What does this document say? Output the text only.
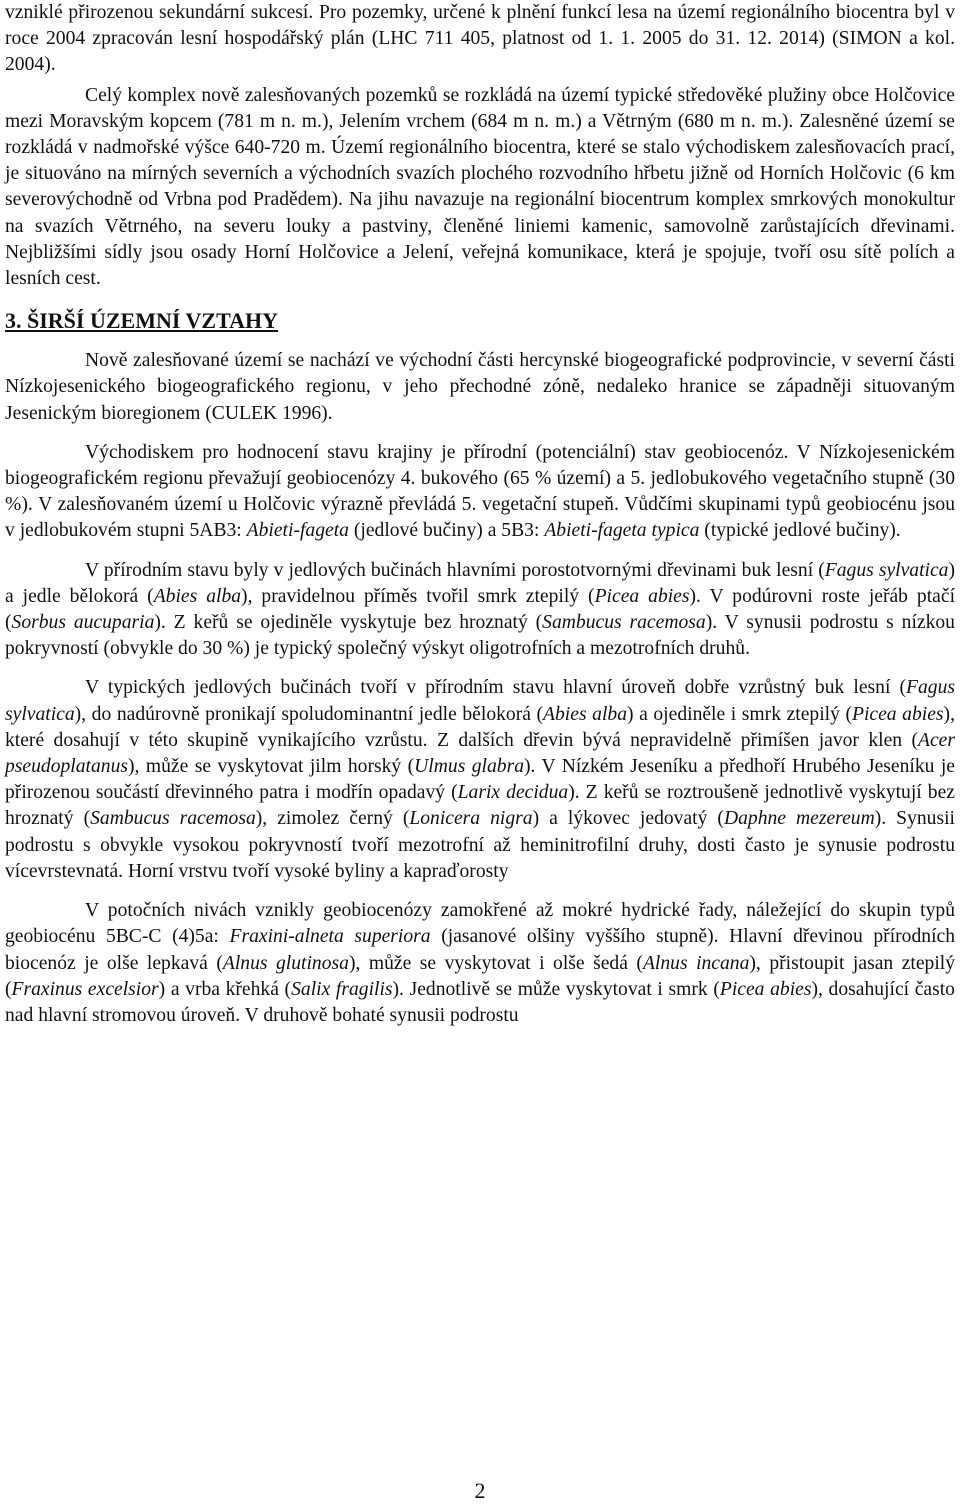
vzniklé přirozenou sekundární sukcesí. Pro pozemky, určené k plnění funkcí lesa na území regionálního biocentra byl v roce 2004 zpracován lesní hospodářský plán (LHC 711 405, platnost od 1. 1. 2005 do 31. 12. 2014) (SIMON a kol. 2004).

Celý komplex nově zalesňovaných pozemků se rozkládá na území typické středověké plužiny obce Holčovice mezi Moravským kopcem (781 m n. m.), Jelením vrchem (684 m n. m.) a Větrným (680 m n. m.). Zalesněné území se rozkládá v nadmořské výšce 640-720 m. Území regionálního biocentra, které se stalo východiskem zalesňovacích prací, je situováno na mírných severních a východních svazích plochého rozvodního hřbetu jižně od Horních Holčovic (6 km severovýchodně od Vrbna pod Pradědem). Na jihu navazuje na regionální biocentrum komplex smrkových monokultur na svazích Větrného, na severu louky a pastviny, členěné liniemi kamenic, samovolně zarůstajících dřevinami. Nejbližšími sídly jsou osady Horní Holčovice a Jelení, veřejná komunikace, která je spojuje, tvoří osu sítě polích a lesních cest.

3. ŠIRŠÍ ÚZEMNÍ VZTAHY

Nově zalesňované území se nachází ve východní části hercynské biogeografické podprovincie, v severní části Nízkojesenického biogeografického regionu, v jeho přechodné zóně, nedaleko hranice se západněji situovaným Jesenickým bioregionem (CULEK 1996).

Východiskem pro hodnocení stavu krajiny je přírodní (potenciální) stav geobiocenóz. V Nízkojesenickém biogeografickém regionu převažují geobiocenózy 4. bukového (65 % území) a 5. jedlobukového vegetačního stupně (30 %). V zalesňovaném území u Holčovic výrazně převládá 5. vegetační stupeň. Vůdčími skupinami typů geobiocénu jsou v jedlobukovém stupni 5AB3: Abieti-fageta (jedlové bučiny) a 5B3: Abieti-fageta typica (typické jedlové bučiny).

V přírodním stavu byly v jedlových bučinách hlavními porostotvornými dřevinami buk lesní (Fagus sylvatica) a jedle bělokorá (Abies alba), pravidelnou příměs tvořil smrk ztepilý (Picea abies). V podúrovni roste jeřáb ptačí (Sorbus aucuparia). Z keřů se ojediněle vyskytuje bez hroznatý (Sambucus racemosa). V synusii podrostu s nízkou pokryvností (obvykle do 30 %) je typický společný výskyt oligotrofních a mezotrofních druhů.

V typických jedlových bučinách tvoří v přírodním stavu hlavní úroveň dobře vzrůstný buk lesní (Fagus sylvatica), do nadúrovně pronikají spoludominantní jedle bělokorá (Abies alba) a ojediněle i smrk ztepilý (Picea abies), které dosahují v této skupině vynikajícího vzrůstu. Z dalších dřevin bývá nepravidelně přimíšen javor klen (Acer pseudoplatanus), může se vyskytovat jilm horský (Ulmus glabra). V Nízkém Jeseníku a předhoří Hrubého Jeseníku je přirozenou součástí dřevinného patra i modřín opadavý (Larix decidua). Z keřů se roztroušeně jednotlivě vyskytují bez hroznatý (Sambucus racemosa), zimolez černý (Lonicera nigra) a lýkovec jedovatý (Daphne mezereum). Synusii podrostu s obvykle vysokou pokryvností tvoří mezotrofní až heminitrofilní druhy, dosti často je synusie podrostu vícevrstevnatá. Horní vrstvu tvoří vysoké byliny a kapraďorosty

V potočních nivách vznikly geobiocenózy zamokřené až mokré hydrické řady, náležející do skupin typů geobiocénu 5BC-C (4)5a: Fraxini-alneta superiora (jasanové olšiny vyššího stupně). Hlavní dřevinou přírodních biocenóz je olše lepkavá (Alnus glutinosa), může se vyskytovat i olše šedá (Alnus incana), přistoupit jasan ztepilý (Fraxinus excelsior) a vrba křehká (Salix fragilis). Jednotlivě se může vyskytovat i smrk (Picea abies), dosahující často nad hlavní stromovou úroveň. V druhově bohaté synusii podrostu

2
